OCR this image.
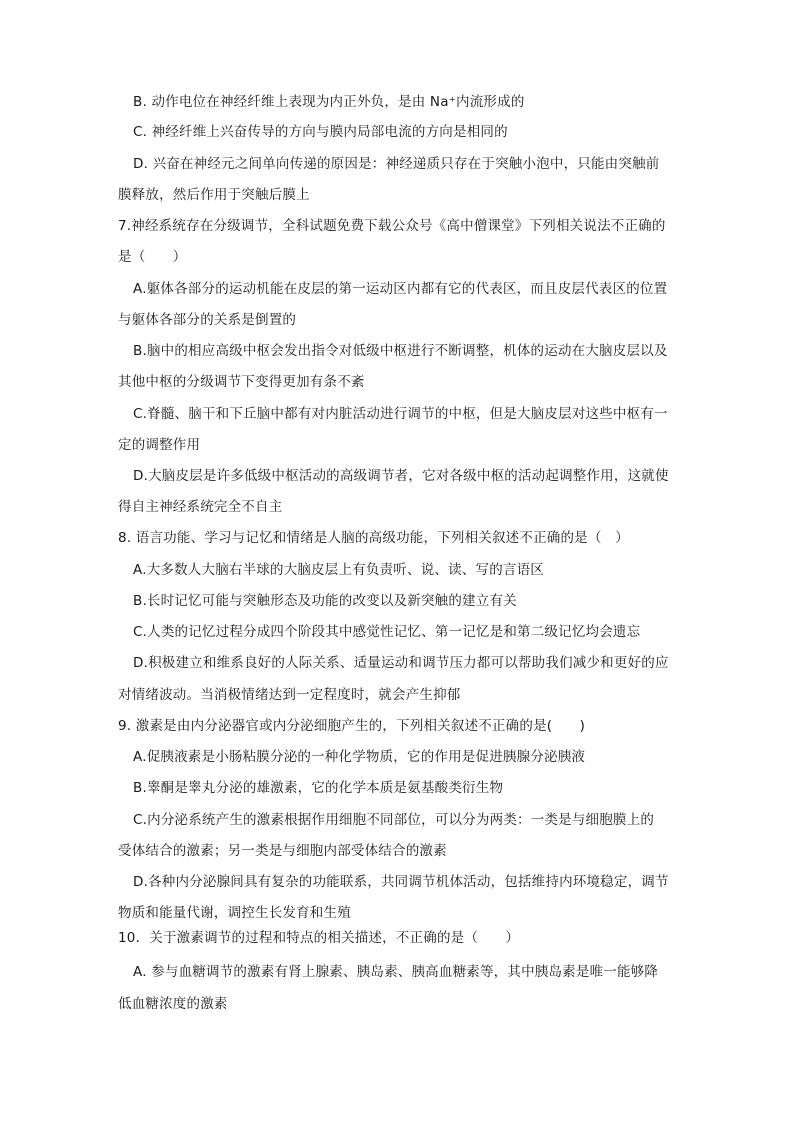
B. 动作电位在神经纤维上表现为内正外负，是由 Na⁺内流形成的
C. 神经纤维上兴奋传导的方向与膜内局部电流的方向是相同的
D. 兴奋在神经元之间单向传递的原因是：神经递质只存在于突触小泡中，只能由突触前
膜释放，然后作用于突触后膜上
7.神经系统存在分级调节，全科试题免费下载公众号《高中僧课堂》下列相关说法不正确的
是（　　）
A.躯体各部分的运动机能在皮层的第一运动区内都有它的代表区，而且皮层代表区的位置
与躯体各部分的关系是倒置的
B.脑中的相应高级中枢会发出指令对低级中枢进行不断调整，机体的运动在大脑皮层以及
其他中枢的分级调节下变得更加有条不紊
C.脊髓、脑干和下丘脑中都有对内脏活动进行调节的中枢，但是大脑皮层对这些中枢有一
定的调整作用
D.大脑皮层是许多低级中枢活动的高级调节者，它对各级中枢的活动起调整作用，这就使
得自主神经系统完全不自主
8. 语言功能、学习与记忆和情绪是人脑的高级功能，下列相关叙述不正确的是（　）
A.大多数人大脑右半球的大脑皮层上有负责听、说、读、写的言语区
B.长时记忆可能与突触形态及功能的改变以及新突触的建立有关
C.人类的记忆过程分成四个阶段其中感觉性记忆、第一记忆是和第二级记忆均会遗忘
D.积极建立和维系良好的人际关系、适量运动和调节压力都可以帮助我们减少和更好的应
对情绪波动。当消极情绪达到一定程度时，就会产生抑郁
9. 激素是由内分泌器官或内分泌细胞产生的，下列相关叙述不正确的是(　　)
A.促胰液素是小肠粘膜分泌的一种化学物质，它的作用是促进胰腺分泌胰液
B.睾酮是睾丸分泌的雄激素，它的化学本质是氨基酸类衍生物
C.内分泌系统产生的激素根据作用细胞不同部位，可以分为两类：一类是与细胞膜上的
受体结合的激素；另一类是与细胞内部受体结合的激素
D.各种内分泌腺间具有复杂的功能联系，共同调节机体活动，包括维持内环境稳定，调节
物质和能量代谢，调控生长发育和生殖
10．关于激素调节的过程和特点的相关描述，不正确的是（　　）
A. 参与血糖调节的激素有肾上腺素、胰岛素、胰高血糖素等，其中胰岛素是唯一能够降
低血糖浓度的激素
